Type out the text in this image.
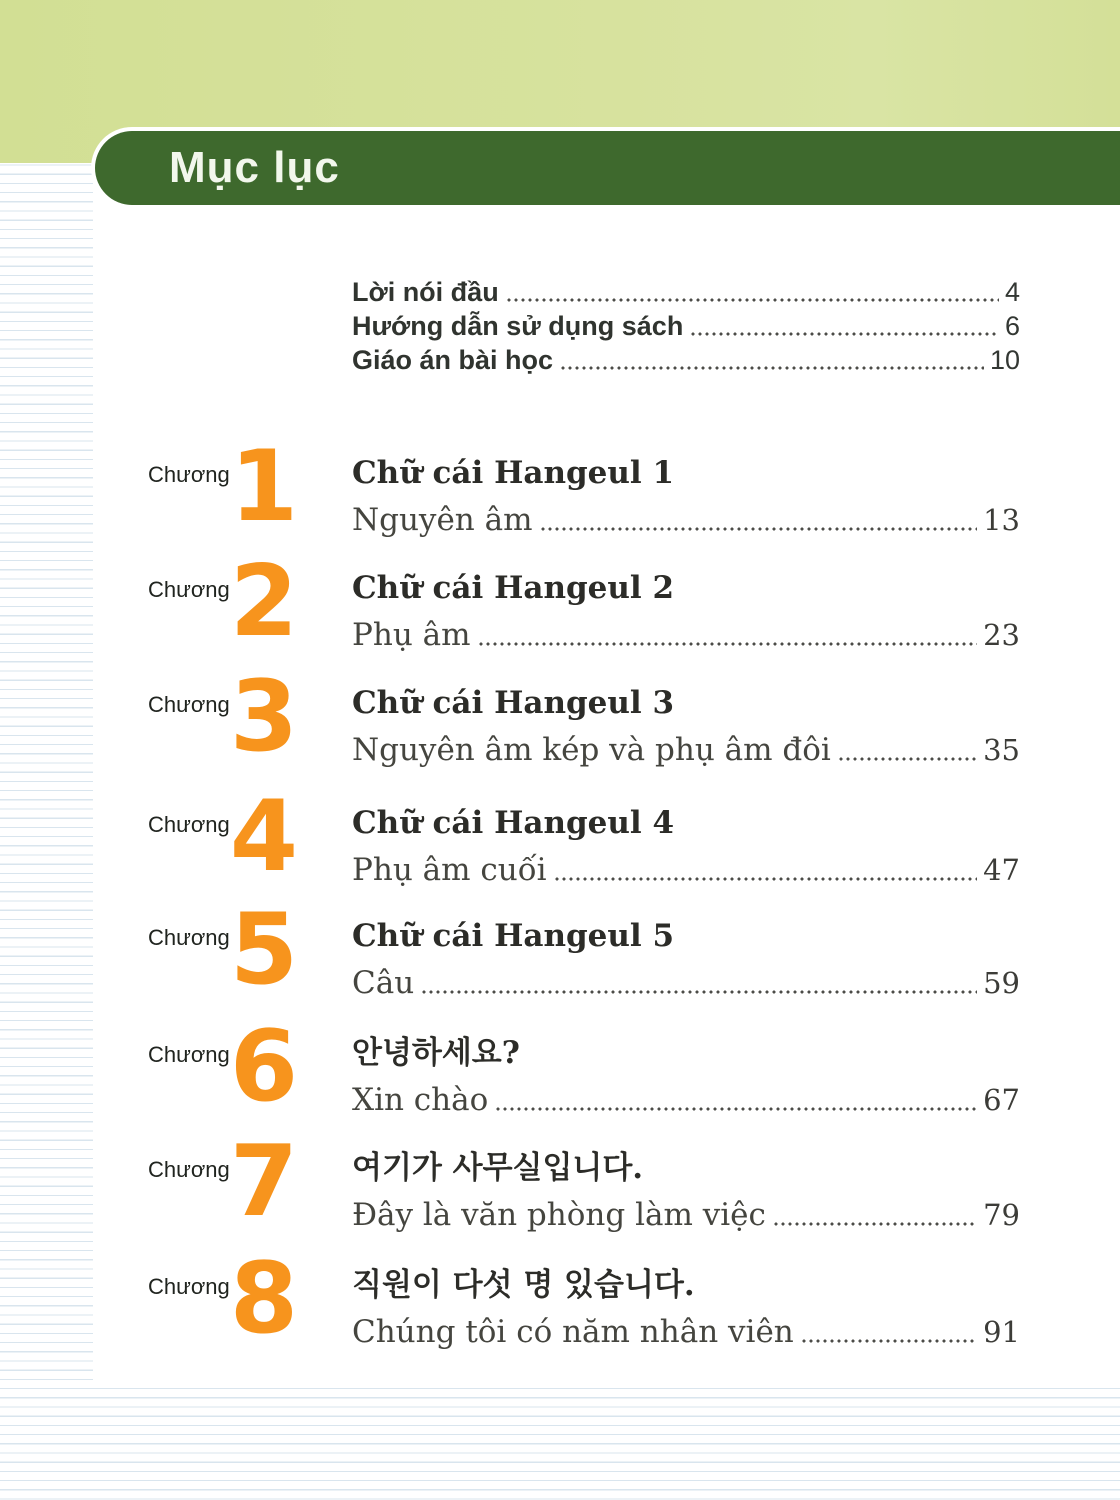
Mục lục
Lời nói đầu	4
Hướng dẫn sử dụng sách	6
Giáo án bài học	10
Chương 1 Chữ cái Hangeul 1
Nguyên âm	13
Chương 2 Chữ cái Hangeul 2
Phụ âm	23
Chương 3 Chữ cái Hangeul 3
Nguyên âm kép và phụ âm đôi	35
Chương 4 Chữ cái Hangeul 4
Phụ âm cuối	47
Chương 5 Chữ cái Hangeul 5
Câu	59
Chương 6 안녕하세요?
Xin chào	67
Chương 7 여기가 사무실입니다.
Đây là văn phòng làm việc	79
Chương 8 직원이 다섯 명 있습니다.
Chúng tôi có năm nhân viên	91
